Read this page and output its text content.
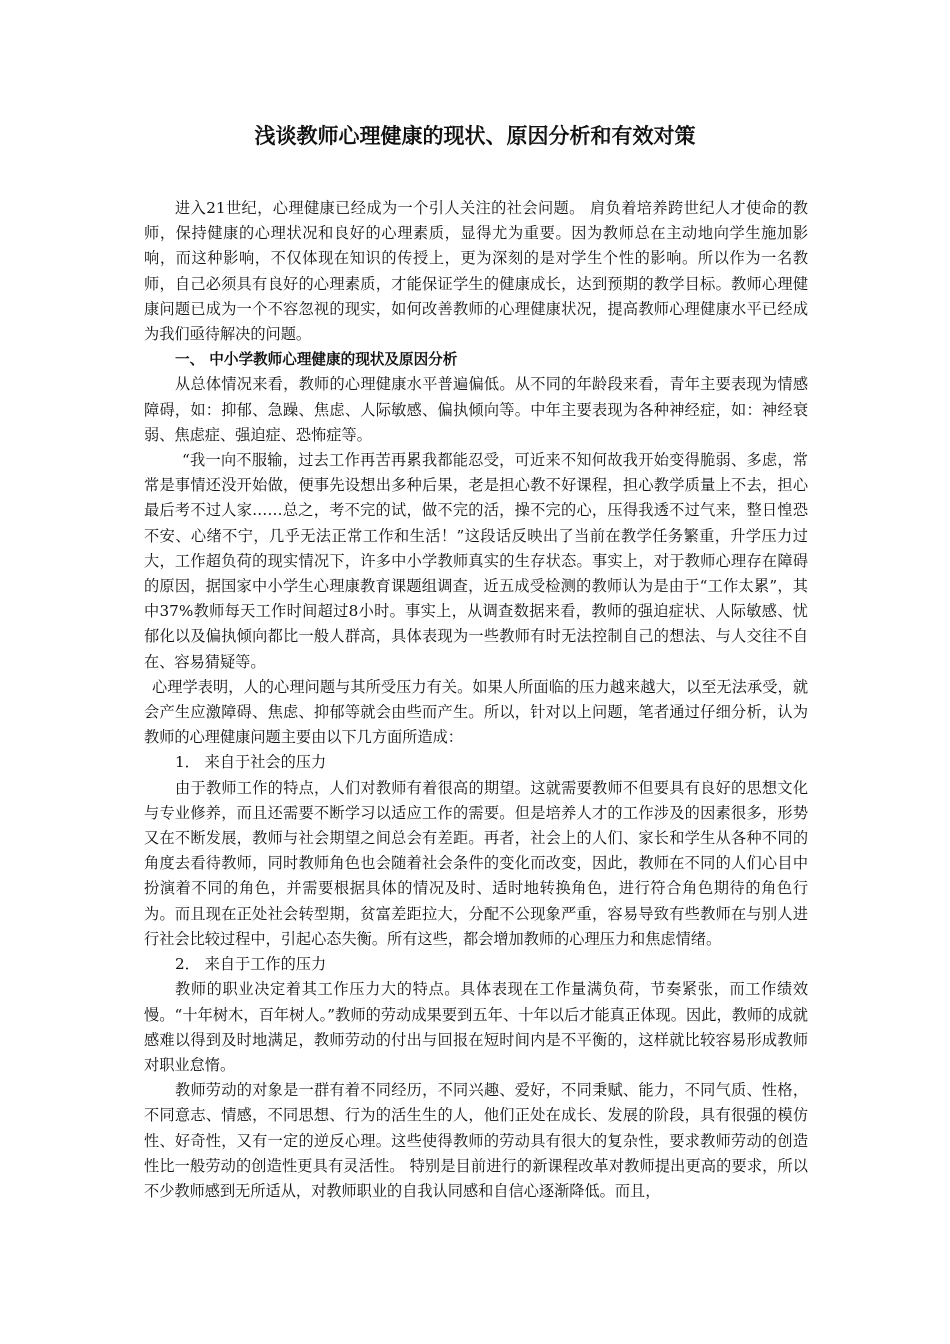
浅谈教师心理健康的现状、原因分析和有效对策

进入21世纪，心理健康已经成为一个引人关注的社会问题。 肩负着培养跨世纪人才使命的教师，保持健康的心理状况和良好的心理素质，显得尤为重要。因为教师总在主动地向学生施加影响，而这种影响，不仅体现在知识的传授上，更为深刻的是对学生个性的影响。所以作为一名教师，自己必须具有良好的心理素质，才能保证学生的健康成长，达到预期的教学目标。教师心理健康问题已成为一个不容忽视的现实，如何改善教师的心理健康状况，提高教师心理健康水平已经成为我们亟待解决的问题。

一、 中小学教师心理健康的现状及原因分析

从总体情况来看，教师的心理健康水平普遍偏低。从不同的年龄段来看，青年主要表现为情感障碍，如：抑郁、急躁、焦虑、人际敏感、偏执倾向等。中年主要表现为各种神经症，如：神经衰弱、焦虑症、强迫症、恐怖症等。

“我一向不服输，过去工作再苦再累我都能忍受，可近来不知何故我开始变得脆弱、多虑，常常是事情还没开始做，便事先设想出多种后果，老是担心教不好课程，担心教学质量上不去，担心最后考不过人家……总之，考不完的试，做不完的活，操不完的心，压得我透不过气来，整日惶恐不安、心绪不宁，几乎无法正常工作和生活！”这段话反映出了当前在教学任务繁重，升学压力过大，工作超负荷的现实情况下，许多中小学教师真实的生存状态。事实上，对于教师心理存在障碍的原因，据国家中小学生心理康教育课题组调查，近五成受检测的教师认为是由于“工作太累”，其中37%教师每天工作时间超过8小时。事实上，从调查数据来看，教师的强迫症状、人际敏感、忧郁化以及偏执倾向都比一般人群高，具体表现为一些教师有时无法控制自己的想法、与人交往不自在、容易猜疑等。

心理学表明，人的心理问题与其所受压力有关。如果人所面临的压力越来越大，以至无法承受，就会产生应激障碍、焦虑、抑郁等就会由些而产生。所以，针对以上问题，笔者通过仔细分析，认为教师的心理健康问题主要由以下几方面所造成：

1． 来自于社会的压力

由于教师工作的特点，人们对教师有着很高的期望。这就需要教师不但要具有良好的思想文化与专业修养，而且还需要不断学习以适应工作的需要。但是培养人才的工作涉及的因素很多，形势又在不断发展，教师与社会期望之间总会有差距。再者，社会上的人们、家长和学生从各种不同的角度去看待教师，同时教师角色也会随着社会条件的变化而改变，因此，教师在不同的人们心目中扮演着不同的角色，并需要根据具体的情况及时、适时地转换角色，进行符合角色期待的角色行为。而且现在正处社会转型期，贫富差距拉大，分配不公现象严重，容易导致有些教师在与别人进行社会比较过程中，引起心态失衡。所有这些，都会增加教师的心理压力和焦虑情绪。

2． 来自于工作的压力

教师的职业决定着其工作压力大的特点。具体表现在工作量满负荷，节奏紧张，而工作绩效慢。“十年树木，百年树人。”教师的劳动成果要到五年、十年以后才能真正体现。因此，教师的成就感难以得到及时地满足，教师劳动的付出与回报在短时间内是不平衡的，这样就比较容易形成教师对职业怠惰。

教师劳动的对象是一群有着不同经历，不同兴趣、爱好，不同秉赋、能力，不同气质、性格，不同意志、情感，不同思想、行为的活生生的人，他们正处在成长、发展的阶段，具有很强的模仿性、好奇性，又有一定的逆反心理。这些使得教师的劳动具有很大的复杂性，要求教师劳动的创造性比一般劳动的创造性更具有灵活性。 特别是目前进行的新课程改革对教师提出更高的要求，所以不少教师感到无所适从，对教师职业的自我认同感和自信心逐渐降低。而且，
